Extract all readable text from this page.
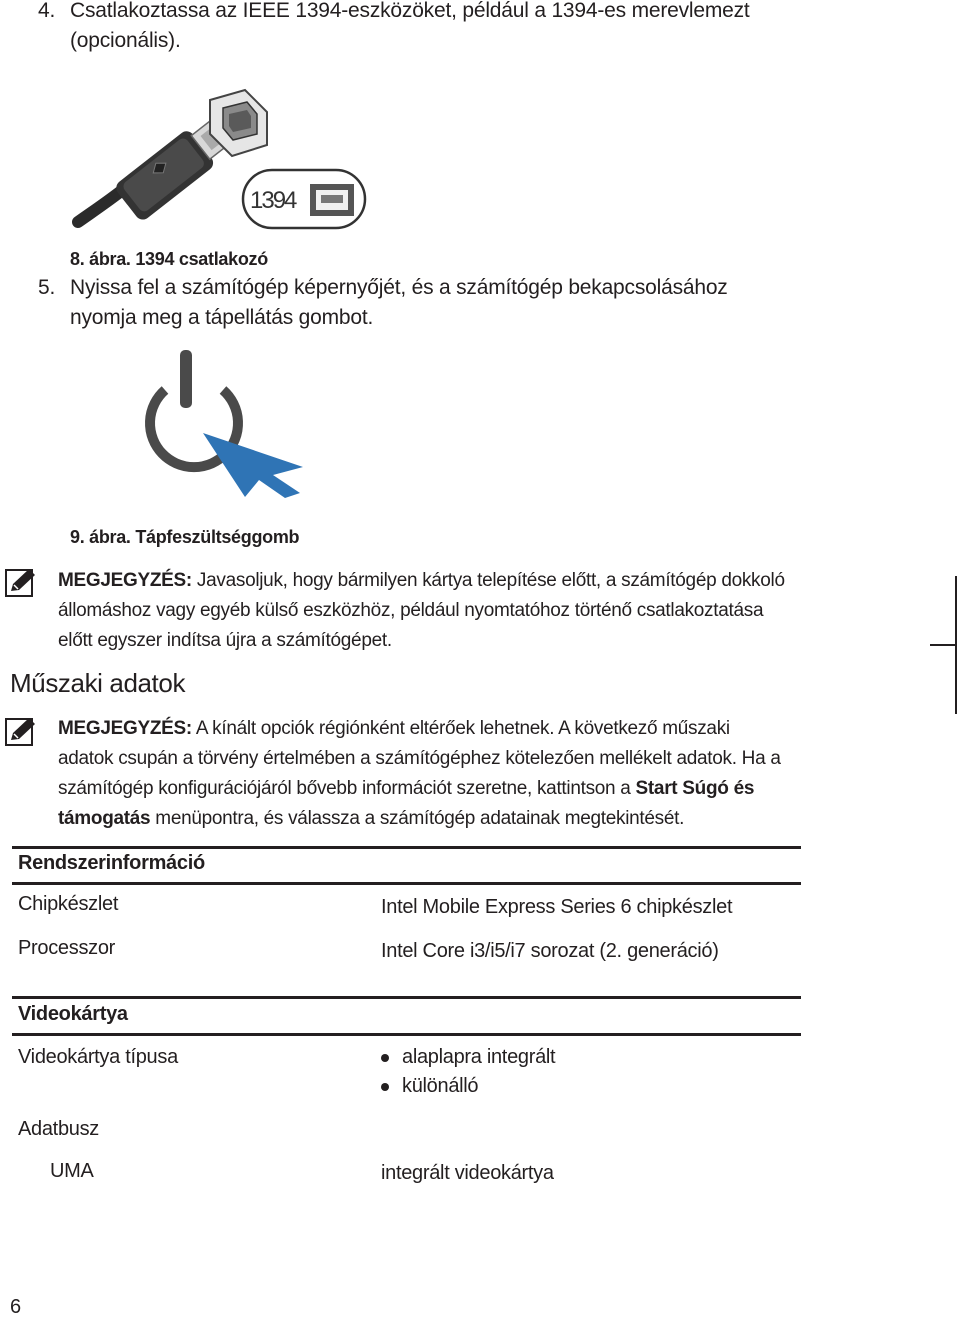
4. Csatlakoztassa az IEEE 1394-eszközöket, például a 1394-es merevlemezt
(opcionális).
1394
8. ábra. 1394 csatlakozó
5. Nyissa fel a számítógép képernyőjét, és a számítógép bekapcsolásához
nyomja meg a tápellátás gombot.
9. ábra. Tápfeszültséggomb
MEGJEGYZÉS: Javasoljuk, hogy bármilyen kártya telepítése előtt, a számítógép dokkoló
állomáshoz vagy egyéb külső eszközhöz, például nyomtatóhoz történő csatlakoztatása
előtt egyszer indítsa újra a számítógépet.
Műszaki adatok
MEGJEGYZÉS: A kínált opciók régiónként eltérőek lehetnek. A következő műszaki
adatok csupán a törvény értelmében a számítógéphez kötelezően mellékelt adatok. Ha a
számítógép konfigurációjáról bővebb információt szeretne, kattintson a Start Súgó és
támogatás menüpontra, és válassza a számítógép adatainak megtekintését.
Rendszerinformáció
Chipkészlet	Intel Mobile Express Series 6 chipkészlet
Processzor	Intel Core i3/i5/i7 sorozat (2. generáció)
Videokártya
Videokártya típusa	alaplapra integrált
különálló
Adatbusz
UMA	integrált videokártya
6
